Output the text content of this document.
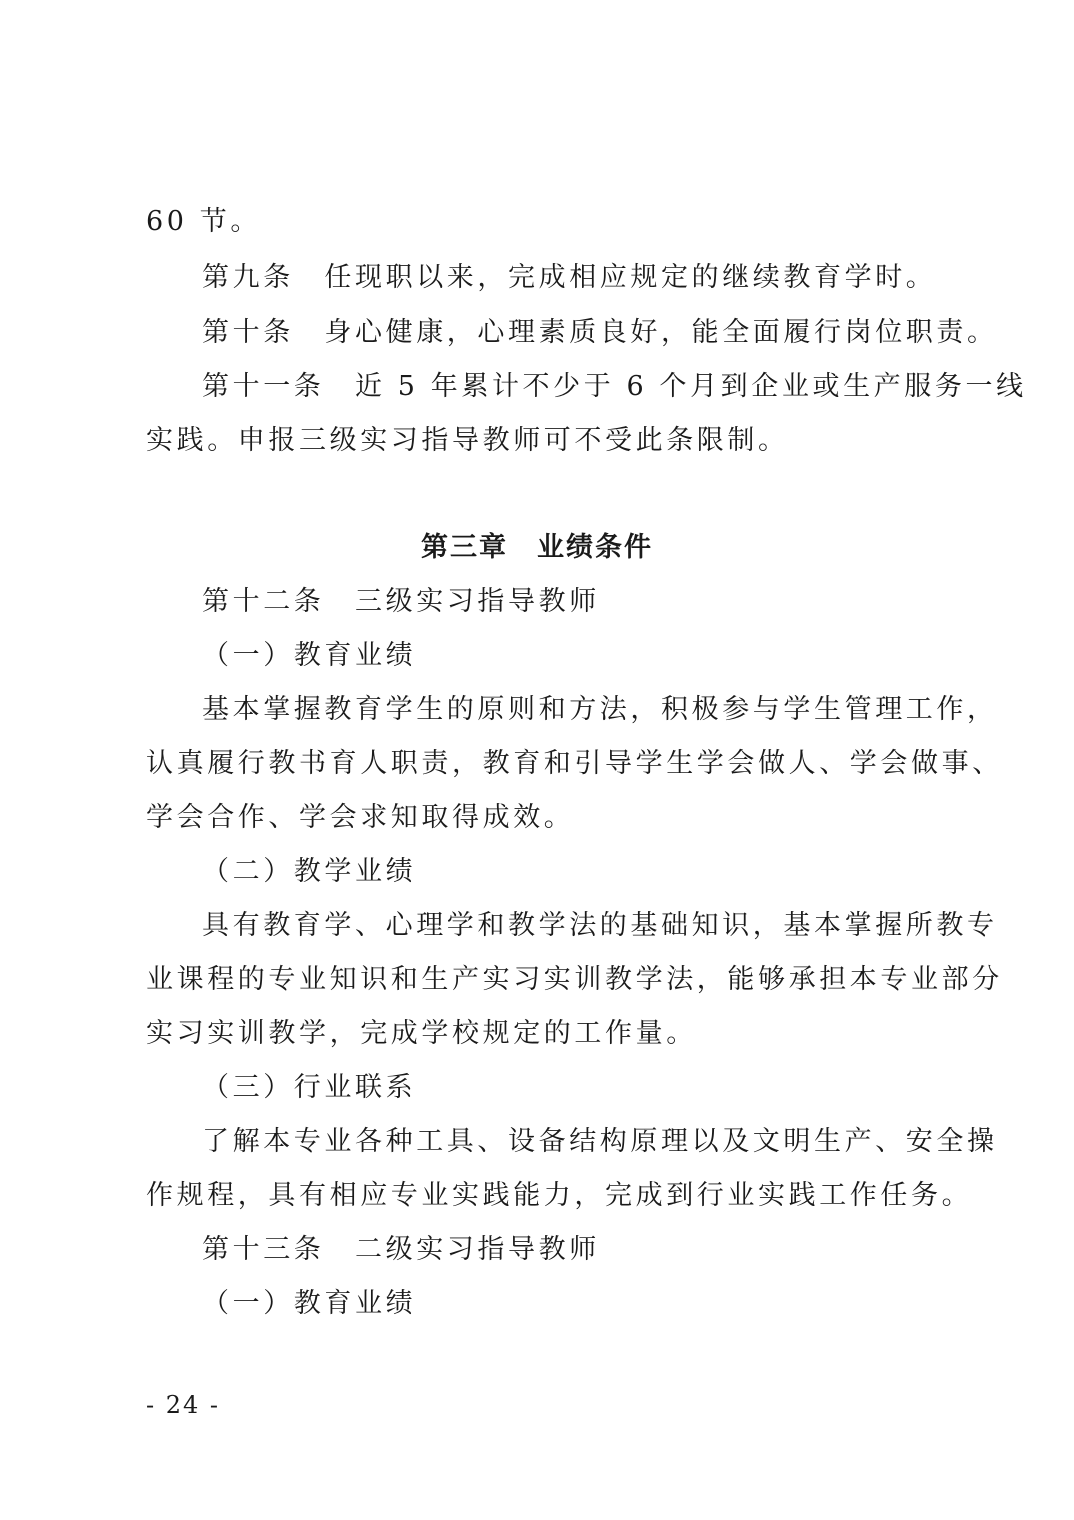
60 节。
第九条　任现职以来，完成相应规定的继续教育学时。
第十条　身心健康，心理素质良好，能全面履行岗位职责。
第十一条　近 5 年累计不少于 6 个月到企业或生产服务一线
实践。申报三级实习指导教师可不受此条限制。
第三章　业绩条件
第十二条　三级实习指导教师
（一）教育业绩
基本掌握教育学生的原则和方法，积极参与学生管理工作，
认真履行教书育人职责，教育和引导学生学会做人、学会做事、
学会合作、学会求知取得成效。
（二）教学业绩
具有教育学、心理学和教学法的基础知识，基本掌握所教专
业课程的专业知识和生产实习实训教学法，能够承担本专业部分
实习实训教学，完成学校规定的工作量。
（三）行业联系
了解本专业各种工具、设备结构原理以及文明生产、安全操
作规程，具有相应专业实践能力，完成到行业实践工作任务。
第十三条　二级实习指导教师
（一）教育业绩
- 24 -
